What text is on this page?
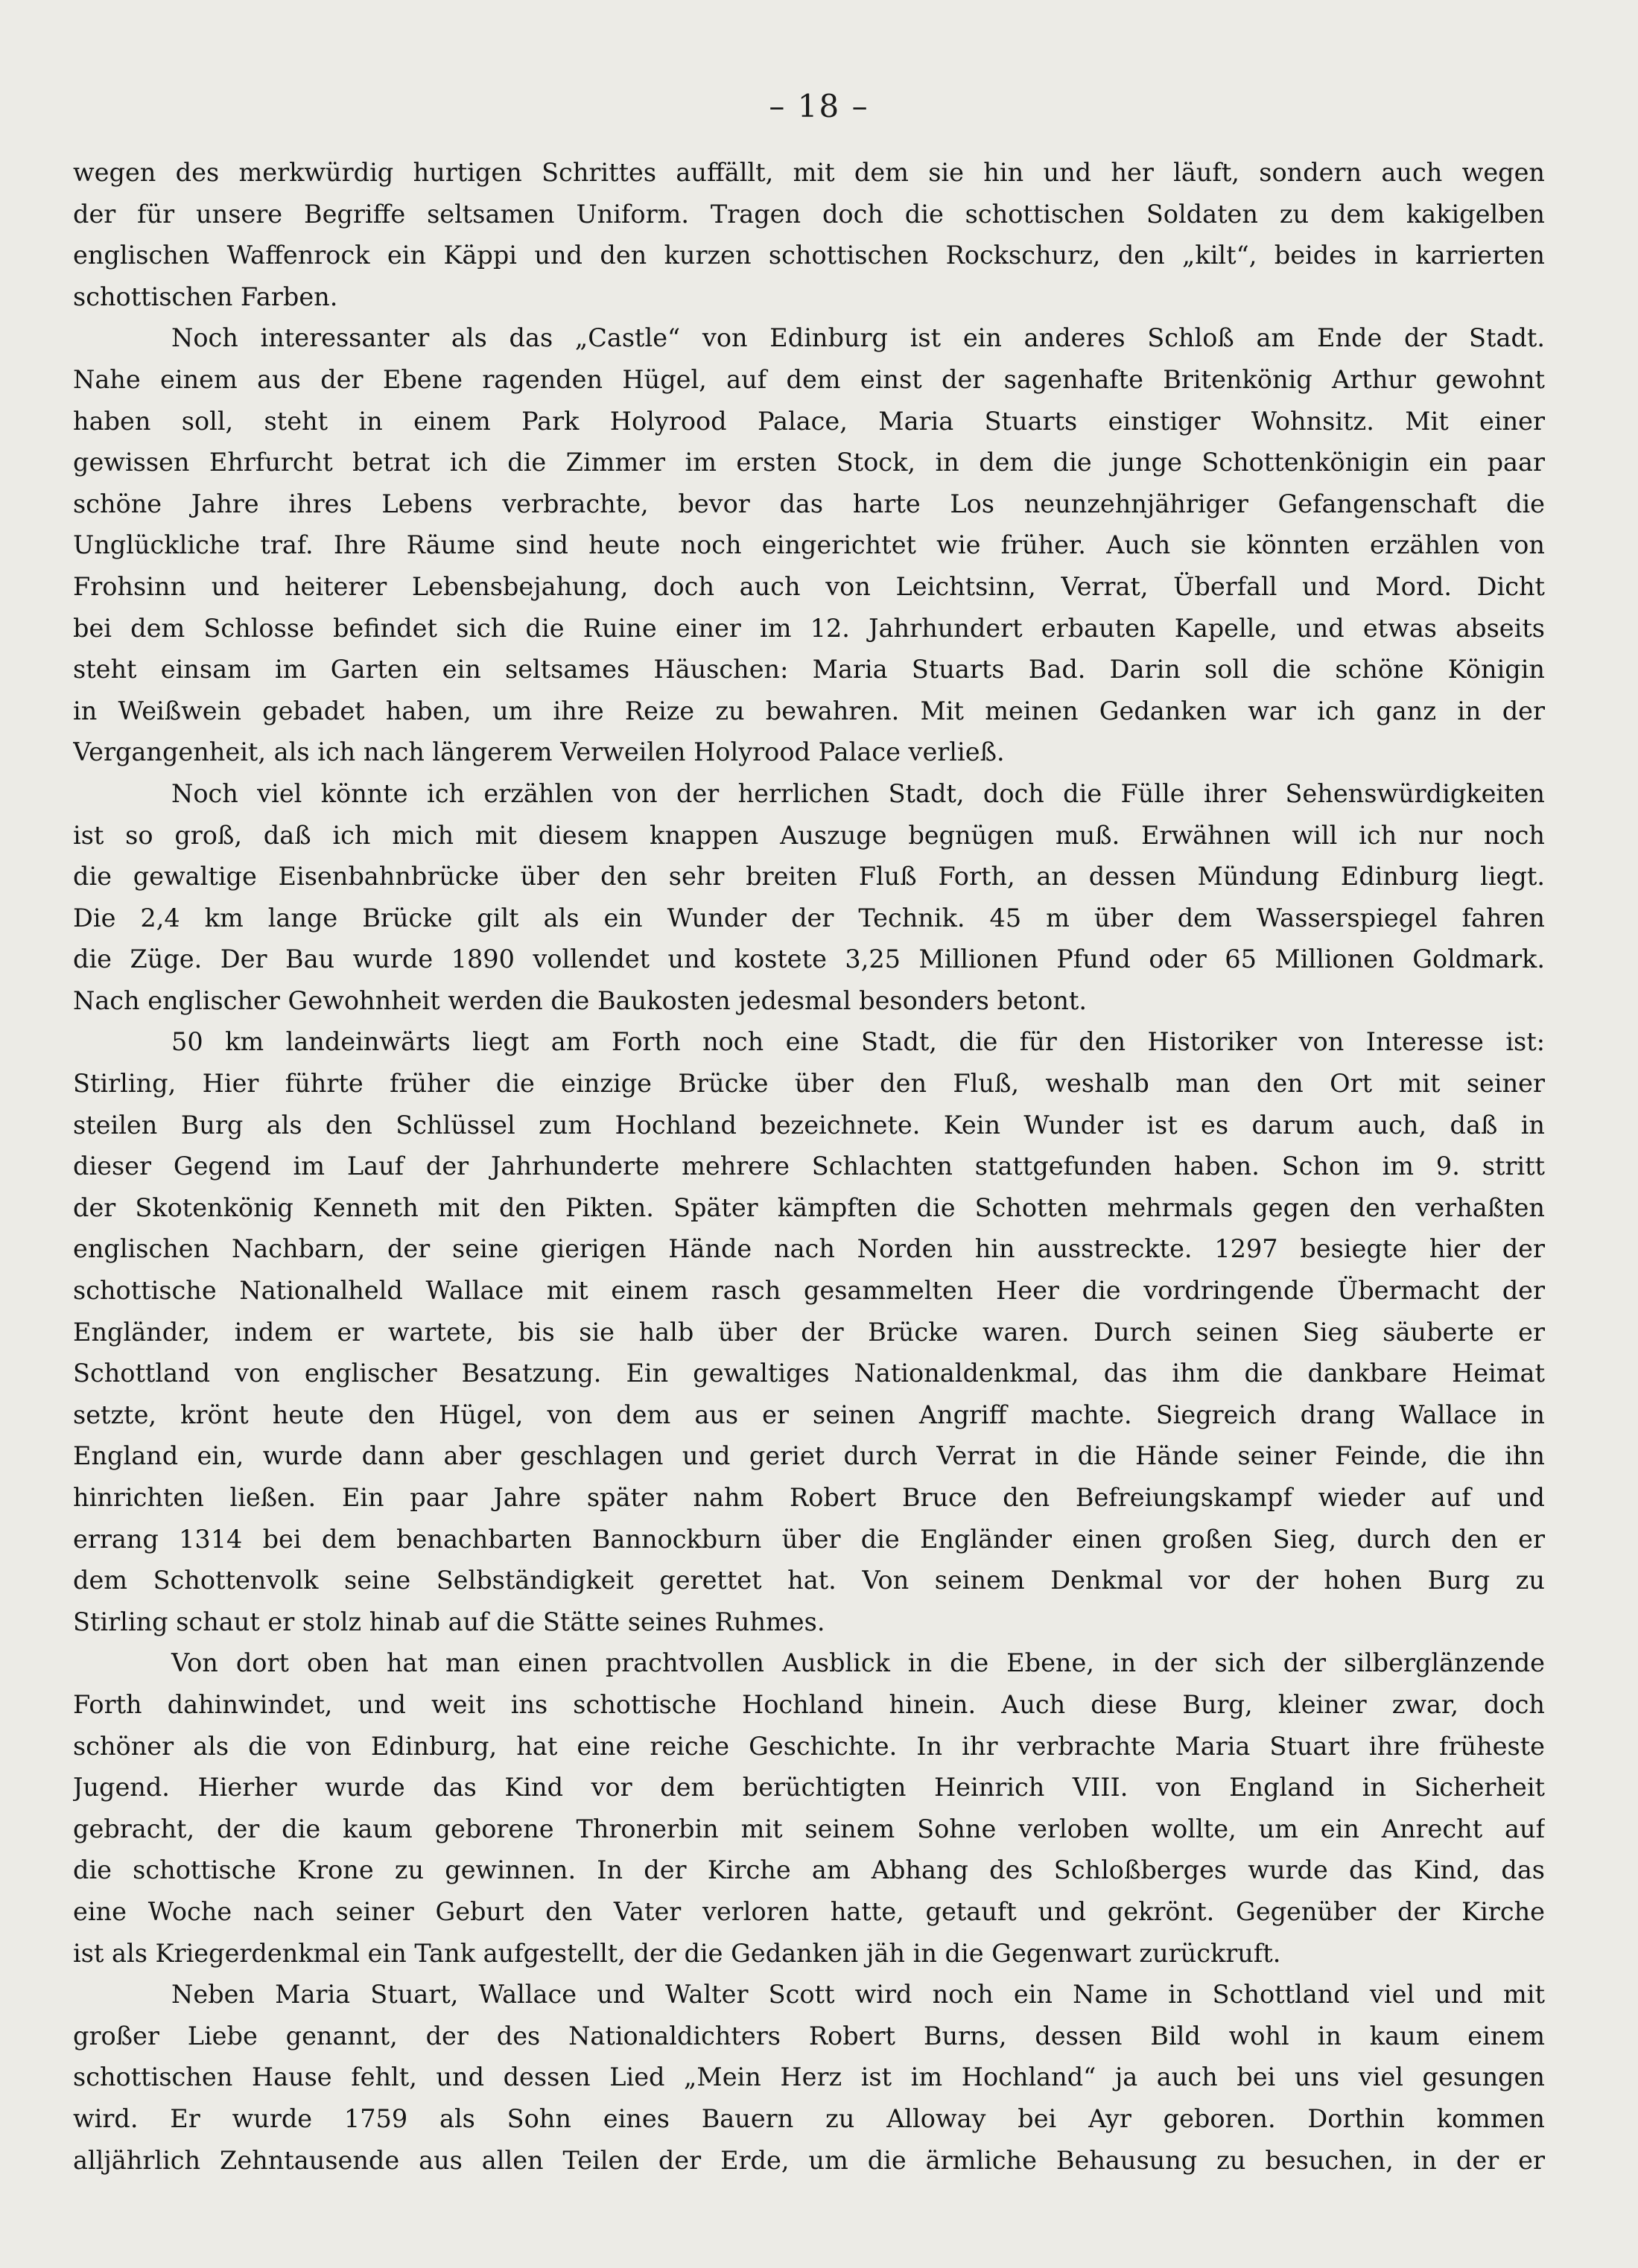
– 18 –
wegen des merkwürdig hurtigen Schrittes auffällt, mit dem sie hin und her läuft, sondern auch wegen
der für unsere Begriffe seltsamen Uniform. Tragen doch die schottischen Soldaten zu dem kakigelben
englischen Waffenrock ein Käppi und den kurzen schottischen Rockschurz, den „kilt“, beides in karrierten
schottischen Farben.
Noch interessanter als das „Castle“ von Edinburg ist ein anderes Schloß am Ende der Stadt.
Nahe einem aus der Ebene ragenden Hügel, auf dem einst der sagenhafte Britenkönig Arthur gewohnt
haben soll, steht in einem Park Holyrood Palace, Maria Stuarts einstiger Wohnsitz. Mit einer
gewissen Ehrfurcht betrat ich die Zimmer im ersten Stock, in dem die junge Schottenkönigin ein paar
schöne Jahre ihres Lebens verbrachte, bevor das harte Los neunzehnjähriger Gefangenschaft die
Unglückliche traf. Ihre Räume sind heute noch eingerichtet wie früher. Auch sie könnten erzählen von
Frohsinn und heiterer Lebensbejahung, doch auch von Leichtsinn, Verrat, Überfall und Mord. Dicht
bei dem Schlosse befindet sich die Ruine einer im 12. Jahrhundert erbauten Kapelle, und etwas abseits
steht einsam im Garten ein seltsames Häuschen: Maria Stuarts Bad. Darin soll die schöne Königin
in Weißwein gebadet haben, um ihre Reize zu bewahren. Mit meinen Gedanken war ich ganz in der
Vergangenheit, als ich nach längerem Verweilen Holyrood Palace verließ.
Noch viel könnte ich erzählen von der herrlichen Stadt, doch die Fülle ihrer Sehenswürdigkeiten
ist so groß, daß ich mich mit diesem knappen Auszuge begnügen muß. Erwähnen will ich nur noch
die gewaltige Eisenbahnbrücke über den sehr breiten Fluß Forth, an dessen Mündung Edinburg liegt.
Die 2,4 km lange Brücke gilt als ein Wunder der Technik. 45 m über dem Wasserspiegel fahren
die Züge. Der Bau wurde 1890 vollendet und kostete 3,25 Millionen Pfund oder 65 Millionen Goldmark.
Nach englischer Gewohnheit werden die Baukosten jedesmal besonders betont.
50 km landeinwärts liegt am Forth noch eine Stadt, die für den Historiker von Interesse ist:
Stirling, Hier führte früher die einzige Brücke über den Fluß, weshalb man den Ort mit seiner
steilen Burg als den Schlüssel zum Hochland bezeichnete. Kein Wunder ist es darum auch, daß in
dieser Gegend im Lauf der Jahrhunderte mehrere Schlachten stattgefunden haben. Schon im 9. stritt
der Skotenkönig Kenneth mit den Pikten. Später kämpften die Schotten mehrmals gegen den verhaßten
englischen Nachbarn, der seine gierigen Hände nach Norden hin ausstreckte. 1297 besiegte hier der
schottische Nationalheld Wallace mit einem rasch gesammelten Heer die vordringende Übermacht der
Engländer, indem er wartete, bis sie halb über der Brücke waren. Durch seinen Sieg säuberte er
Schottland von englischer Besatzung. Ein gewaltiges Nationaldenkmal, das ihm die dankbare Heimat
setzte, krönt heute den Hügel, von dem aus er seinen Angriff machte. Siegreich drang Wallace in
England ein, wurde dann aber geschlagen und geriet durch Verrat in die Hände seiner Feinde, die ihn
hinrichten ließen. Ein paar Jahre später nahm Robert Bruce den Befreiungskampf wieder auf und
errang 1314 bei dem benachbarten Bannockburn über die Engländer einen großen Sieg, durch den er
dem Schottenvolk seine Selbständigkeit gerettet hat. Von seinem Denkmal vor der hohen Burg zu
Stirling schaut er stolz hinab auf die Stätte seines Ruhmes.
Von dort oben hat man einen prachtvollen Ausblick in die Ebene, in der sich der silberglänzende
Forth dahinwindet, und weit ins schottische Hochland hinein. Auch diese Burg, kleiner zwar, doch
schöner als die von Edinburg, hat eine reiche Geschichte. In ihr verbrachte Maria Stuart ihre früheste
Jugend. Hierher wurde das Kind vor dem berüchtigten Heinrich VIII. von England in Sicherheit
gebracht, der die kaum geborene Thronerbin mit seinem Sohne verloben wollte, um ein Anrecht auf
die schottische Krone zu gewinnen. In der Kirche am Abhang des Schloßberges wurde das Kind, das
eine Woche nach seiner Geburt den Vater verloren hatte, getauft und gekrönt. Gegenüber der Kirche
ist als Kriegerdenkmal ein Tank aufgestellt, der die Gedanken jäh in die Gegenwart zurückruft.
Neben Maria Stuart, Wallace und Walter Scott wird noch ein Name in Schottland viel und mit
großer Liebe genannt, der des Nationaldichters Robert Burns, dessen Bild wohl in kaum einem
schottischen Hause fehlt, und dessen Lied „Mein Herz ist im Hochland“ ja auch bei uns viel gesungen
wird. Er wurde 1759 als Sohn eines Bauern zu Alloway bei Ayr geboren. Dorthin kommen
alljährlich Zehntausende aus allen Teilen der Erde, um die ärmliche Behausung zu besuchen, in der er
